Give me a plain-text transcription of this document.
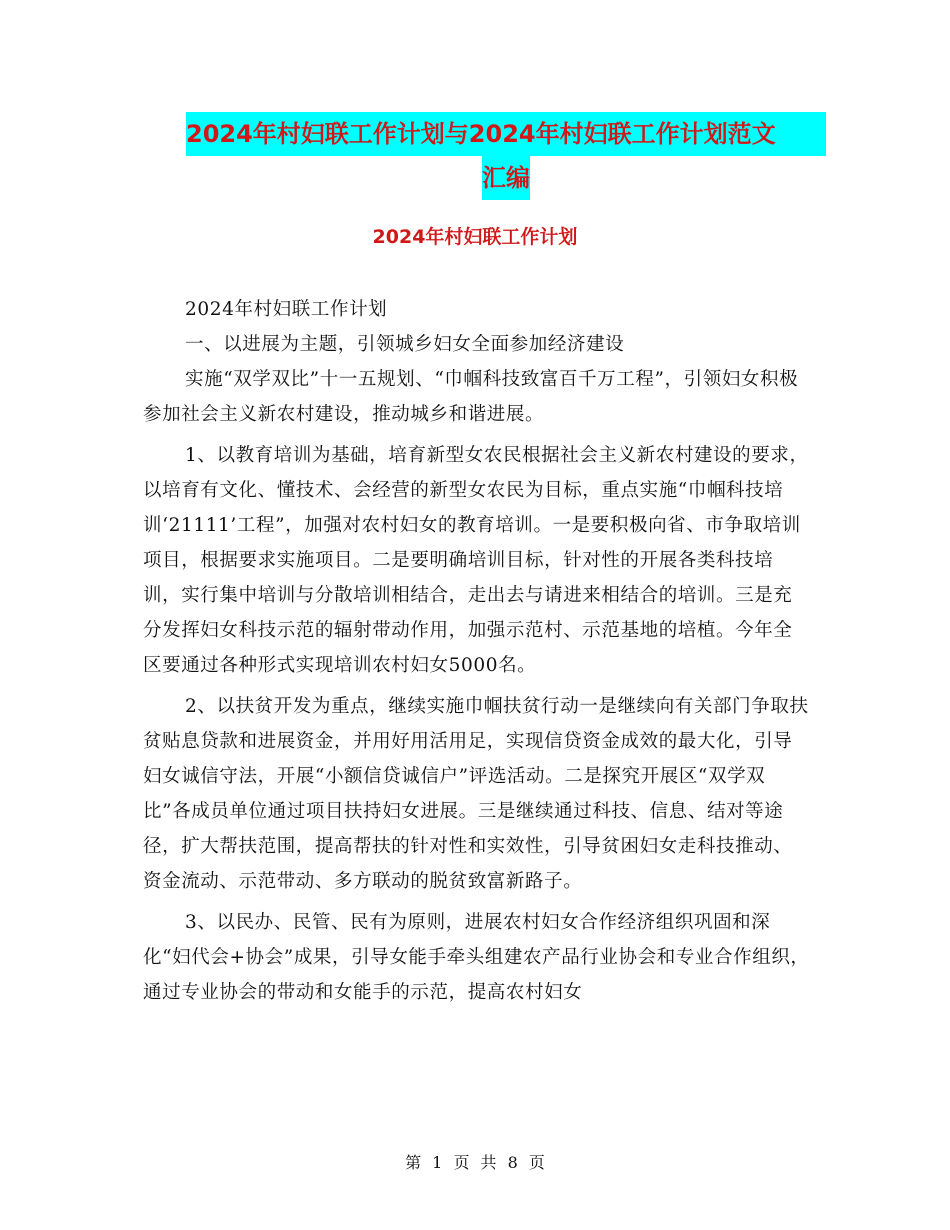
2024年村妇联工作计划与2024年村妇联工作计划范文
汇编
2024年村妇联工作计划

2024年村妇联工作计划

一、以进展为主题，引领城乡妇女全面参加经济建设

实施“双学双比”十一五规划、“巾帼科技致富百千万工程”，引领妇女积极参加社会主义新农村建设，推动城乡和谐进展。

1、以教育培训为基础，培育新型女农民根据社会主义新农村建设的要求，以培育有文化、懂技术、会经营的新型女农民为目标，重点实施“巾帼科技培训‘21111’工程”，加强对农村妇女的教育培训。一是要积极向省、市争取培训项目，根据要求实施项目。二是要明确培训目标，针对性的开展各类科技培训，实行集中培训与分散培训相结合，走出去与请进来相结合的培训。三是充分发挥妇女科技示范的辐射带动作用，加强示范村、示范基地的培植。今年全区要通过各种形式实现培训农村妇女5000名。

2、以扶贫开发为重点，继续实施巾帼扶贫行动一是继续向有关部门争取扶贫贴息贷款和进展资金，并用好用活用足，实现信贷资金成效的最大化，引导妇女诚信守法，开展“小额信贷诚信户”评选活动。二是探究开展区“双学双比”各成员单位通过项目扶持妇女进展。三是继续通过科技、信息、结对等途径，扩大帮扶范围，提高帮扶的针对性和实效性，引导贫困妇女走科技推动、资金流动、示范带动、多方联动的脱贫致富新路子。

3、以民办、民管、民有为原则，进展农村妇女合作经济组织巩固和深化“妇代会+协会”成果，引导女能手牵头组建农产品行业协会和专业合作组织，通过专业协会的带动和女能手的示范，提高农村妇女

第 1 页 共 8 页
